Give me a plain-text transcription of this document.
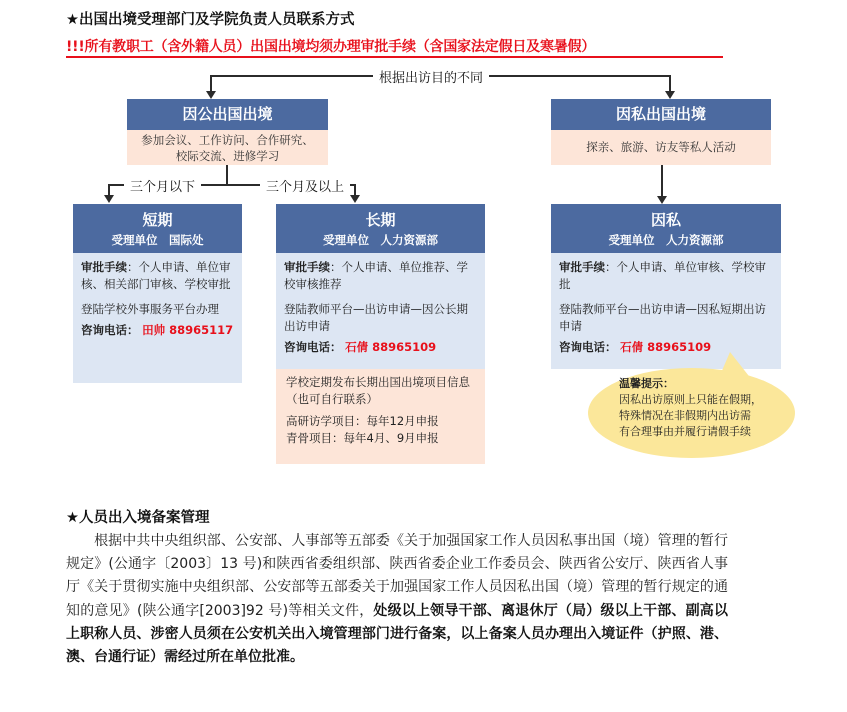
★出国出境受理部门及学院负责人员联系方式
!!!所有教职工（含外籍人员）出国出境均须办理审批手续（含国家法定假日及寒暑假）
根据出访目的不同
因公出国出境
参加会议、工作访问、合作研究、
校际交流、进修学习
因私出国出境
探亲、旅游、访友等私人活动
三个月以下	三个月及以上
短期
受理单位　国际处

审批手续：个人申请、单位审核、相关部门审核、学校审批

登陆学校外事服务平台办理

咨询电话： 田帅 88965117

长期
受理单位　人力资源部

审批手续：个人申请、单位推荐、学校审核推荐

登陆教师平台—出访申请—因公长期出访申请

咨询电话： 石倩 88965109

学校定期发布长期出国出境项目信息（也可自行联系）

高研访学项目：每年12月申报

青骨项目：每年4月、9月申报

因私
受理单位　人力资源部

审批手续：个人申请、单位审核、学校审批

登陆教师平台—出访申请—因私短期出访申请

咨询电话： 石倩 88965109

温馨提示：
因私出访原则上只能在假期，
特殊情况在非假期内出访需
有合理事由并履行请假手续
★人员出入境备案管理
根据中共中央组织部、公安部、人事部等五部委《关于加强国家工作人员因私事出国（境）管理的暂行规定》(公通字〔2003〕13 号)和陕西省委组织部、陕西省委企业工作委员会、陕西省公安厅、陕西省人事厅《关于贯彻实施中央组织部、公安部等五部委关于加强国家工作人员因私出国（境）管理的暂行规定的通知的意见》(陕公通字[2003]92 号)等相关文件，处级以上领导干部、离退休厅（局）级以上干部、副高以上职称人员、涉密人员须在公安机关出入境管理部门进行备案，以上备案人员办理出入境证件（护照、港、澳、台通行证）需经过所在单位批准。
